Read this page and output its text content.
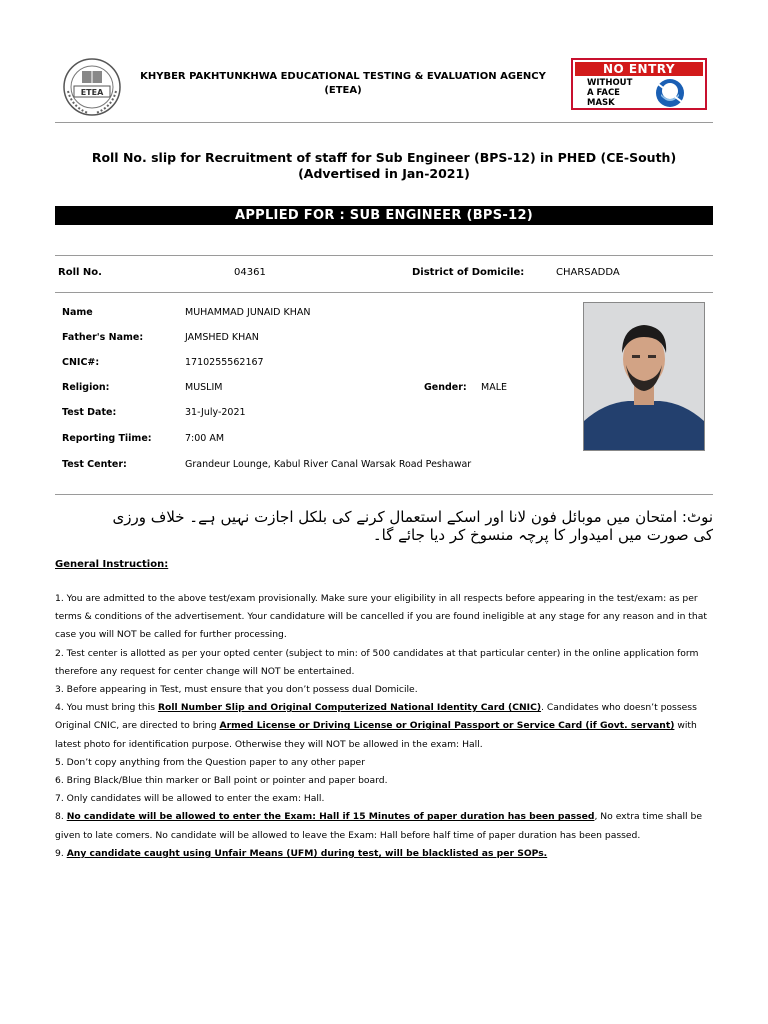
ETEA
KHYBER PAKHTUNKHWA EDUCATIONAL TESTING & EVALUATION AGENCY
(ETEA)
NO ENTRY
WITHOUT
A FACE
MASK
Roll No. slip for Recruitment of staff for Sub Engineer (BPS-12) in PHED (CE-South) (Advertised in Jan-2021)
APPLIED FOR : SUB ENGINEER (BPS-12)
Roll No.	04361	District of Domicile:	CHARSADDA
Name	MUHAMMAD JUNAID KHAN
Father's Name:	JAMSHED KHAN
CNIC#:	1710255562167
Religion:	MUSLIM	Gender: MALE
Test Date:	31-July-2021
Reporting Tiime:	7:00 AM
Test Center:	Grandeur Lounge, Kabul River Canal Warsak Road Peshawar
نوٹ: امتحان میں موبائل فون لانا اور اسکے استعمال کرنے کی بلکل اجازت نہیں ہے۔ خلاف ورزی کی صورت میں امیدوار کا پرچہ منسوخ کر دیا جائے گا۔
General Instruction:

1. You are admitted to the above test/exam provisionally. Make sure your eligibility in all respects before appearing in the test/exam: as per terms & conditions of the advertisement. Your candidature will be cancelled if you are found ineligible at any stage for any reason and in that case you will NOT be called for further processing.

2. Test center is allotted as per your opted center (subject to min: of 500 candidates at that particular center) in the online application form therefore any request for center change will NOT be entertained.

3. Before appearing in Test, must ensure that you don’t possess dual Domicile.

4. You must bring this Roll Number Slip and Original Computerized National Identity Card (CNIC). Candidates who doesn’t possess Original CNIC, are directed to bring Armed License or Driving License or Original Passport or Service Card (if Govt. servant) with latest photo for identification purpose. Otherwise they will NOT be allowed in the exam: Hall.

5. Don’t copy anything from the Question paper to any other paper

6. Bring Black/Blue thin marker or Ball point or pointer and paper board.

7. Only candidates will be allowed to enter the exam: Hall.

8. No candidate will be allowed to enter the Exam: Hall if 15 Minutes of paper duration has been passed, No extra time shall be given to late comers. No candidate will be allowed to leave the Exam: Hall before half time of paper duration has been passed.

9. Any candidate caught using Unfair Means (UFM) during test, will be blacklisted as per SOPs.
